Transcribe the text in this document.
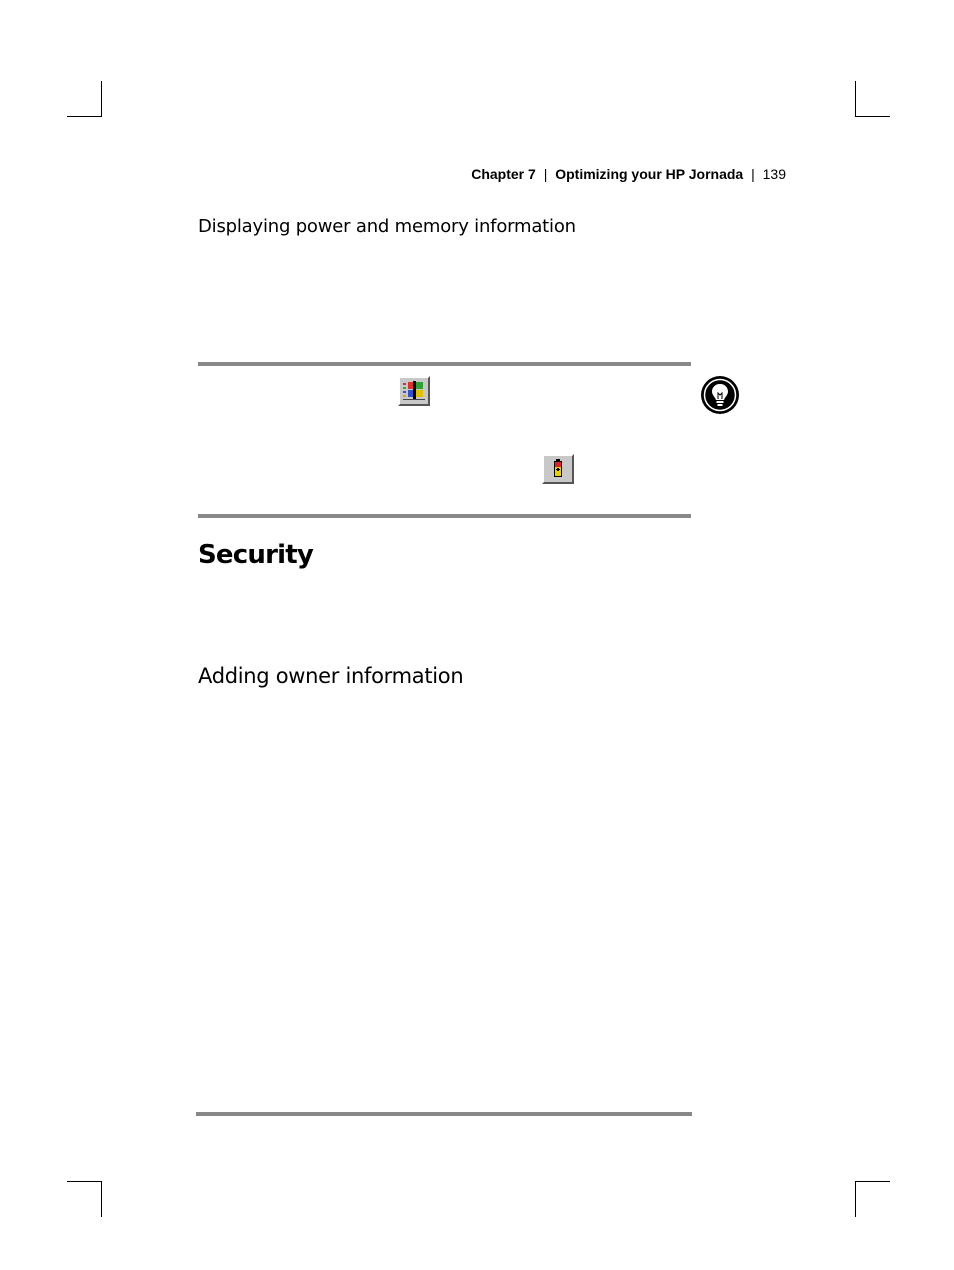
Chapter 7 | Optimizing your HP Jornada | 139
Displaying power and memory information
Security
Adding owner information
